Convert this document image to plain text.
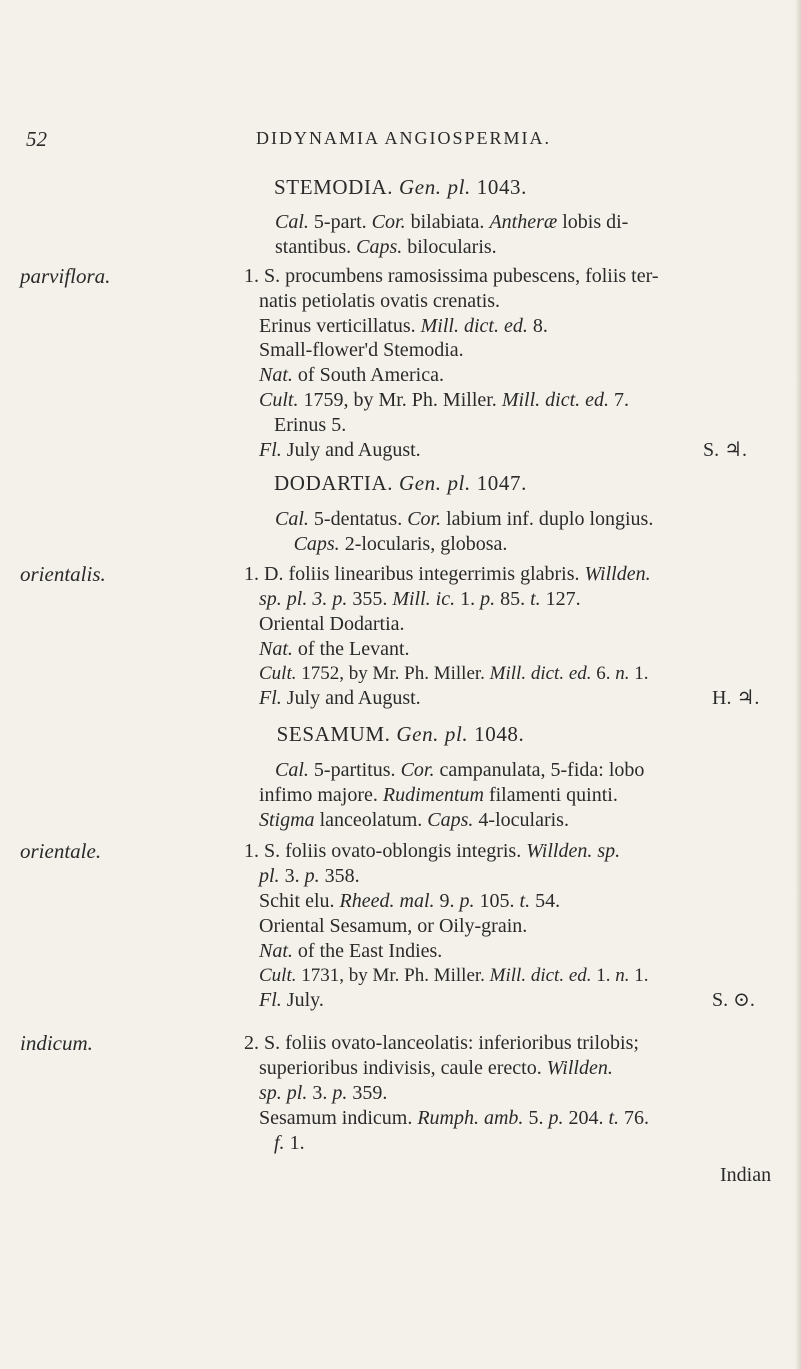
52	DIDYNAMIA ANGIOSPERMIA.
STEMODIA. Gen. pl. 1043.
Cal. 5-part. Cor. bilabiata. Antheræ lobis di-
stantibus. Caps. bilocularis.
parviflora.	1. S. procumbens ramosissima pubescens, foliis ter-
natis petiolatis ovatis crenatis.
Erinus verticillatus. Mill. dict. ed. 8.
Small-flower'd Stemodia.
Nat. of South America.
Cult. 1759, by Mr. Ph. Miller. Mill. dict. ed. 7.
Erinus 5.
Fl. July and August.	S. ♃.
DODARTIA. Gen. pl. 1047.
Cal. 5-dentatus. Cor. labium inf. duplo longius.
Caps. 2-locularis, globosa.
orientalis.	1. D. foliis linearibus integerrimis glabris. Willden.
sp. pl. 3. p. 355. Mill. ic. 1. p. 85. t. 127.
Oriental Dodartia.
Nat. of the Levant.
Cult. 1752, by Mr. Ph. Miller. Mill. dict. ed. 6. n. 1.
Fl. July and August.	H. ♃.
SESAMUM. Gen. pl. 1048.
Cal. 5-partitus. Cor. campanulata, 5-fida: lobo
infimo majore. Rudimentum filamenti quinti.
Stigma lanceolatum. Caps. 4-locularis.
orientale.	1. S. foliis ovato-oblongis integris. Willden. sp.
pl. 3. p. 358.
Schit elu. Rheed. mal. 9. p. 105. t. 54.
Oriental Sesamum, or Oily-grain.
Nat. of the East Indies.
Cult. 1731, by Mr. Ph. Miller. Mill. dict. ed. 1. n. 1.
Fl. July.	S. ⊙.
indicum.	2. S. foliis ovato-lanceolatis: inferioribus trilobis;
superioribus indivisis, caule erecto. Willden.
sp. pl. 3. p. 359.
Sesamum indicum. Rumph. amb. 5. p. 204. t. 76.
f. 1.
Indian
